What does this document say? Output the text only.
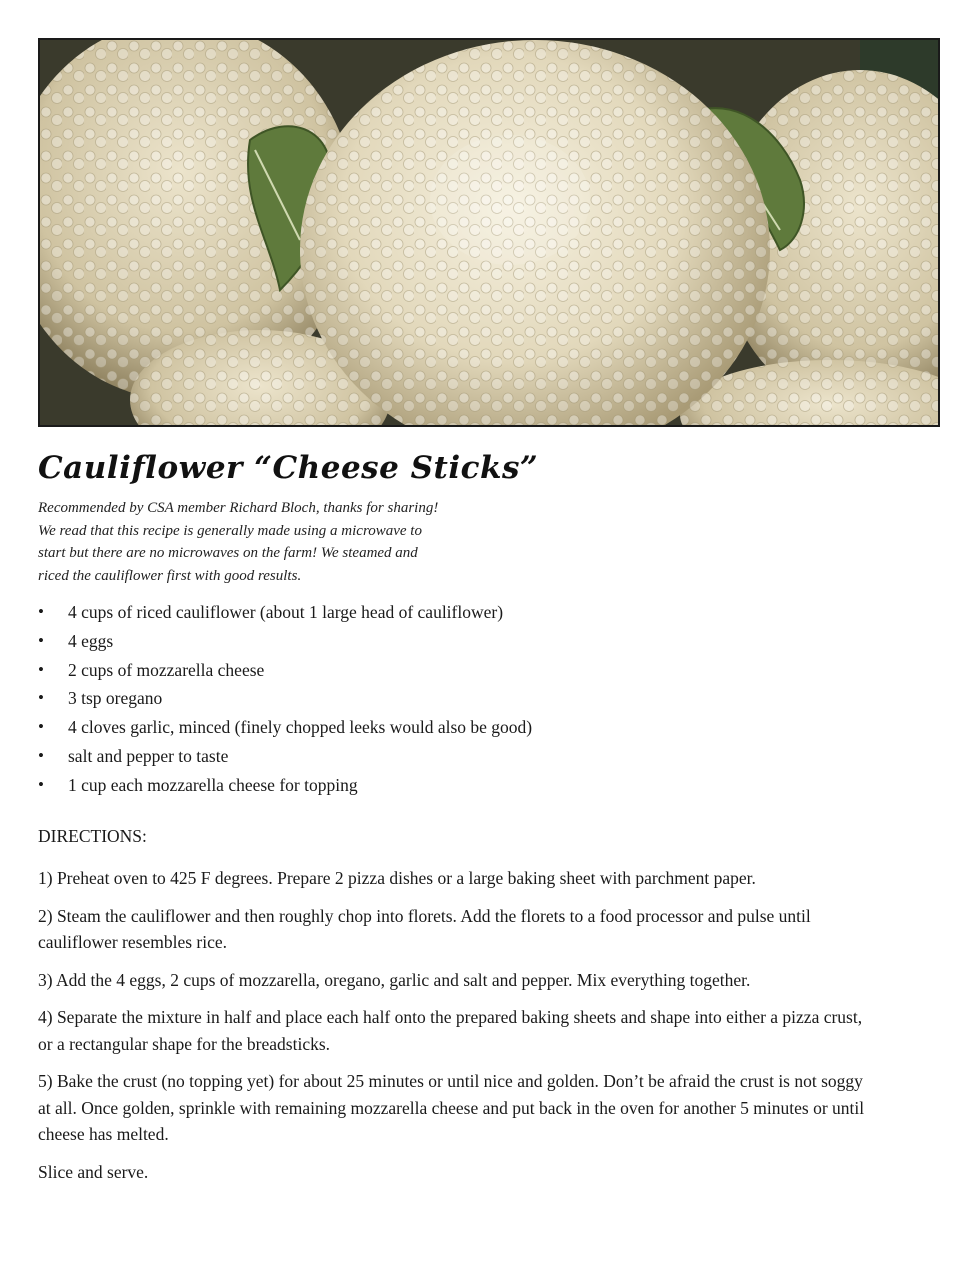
Cauliflower “Cheese Sticks”
Recommended by CSA member Richard Bloch, thanks for sharing!
We read that this recipe is generally made using a microwave to
start but there are no microwaves on the farm! We steamed and
riced the cauliflower first with good results.
• 4 cups of riced cauliflower (about 1 large head of cauliflower)
• 4 eggs
• 2 cups of mozzarella cheese
• 3 tsp oregano
• 4 cloves garlic, minced (finely chopped leeks would also be good)
• salt and pepper to taste
• 1 cup each mozzarella cheese for topping
DIRECTIONS:

1) Preheat oven to 425 F degrees. Prepare 2 pizza dishes or a large baking sheet with parchment paper.

2) Steam the cauliflower and then roughly chop into florets. Add the florets to a food processor and pulse until cauliflower resembles rice.

3) Add the 4 eggs, 2 cups of mozzarella, oregano, garlic and salt and pepper. Mix everything together.

4) Separate the mixture in half and place each half onto the prepared baking sheets and shape into either a pizza crust, or a rectangular shape for the breadsticks.

5) Bake the crust (no topping yet) for about 25 minutes or until nice and golden. Don’t be afraid the crust is not soggy at all. Once golden, sprinkle with remaining mozzarella cheese and put back in the oven for another 5 minutes or until cheese has melted.

Slice and serve.
